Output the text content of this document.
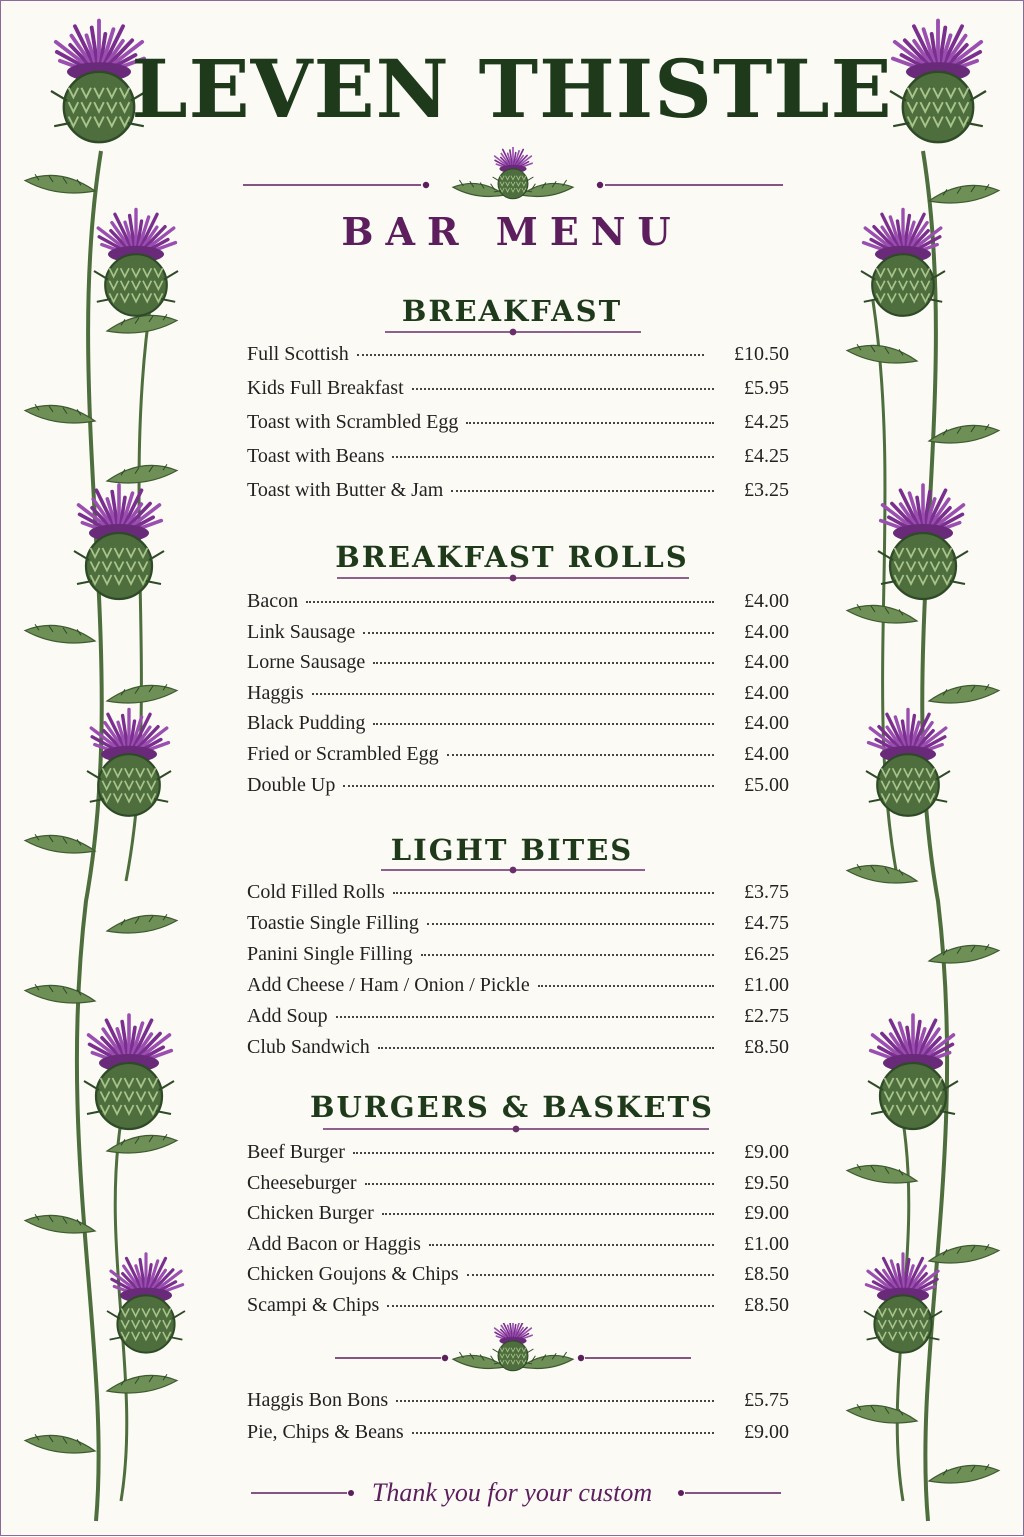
LEVEN THISTLE
BAR MENU
BREAKFAST
Full Scottish	£10.50
Kids Full Breakfast	£5.95
Toast with Scrambled Egg	£4.25
Toast with Beans	£4.25
Toast with Butter & Jam	£3.25
BREAKFAST ROLLS
Bacon	£4.00
Link Sausage	£4.00
Lorne Sausage	£4.00
Haggis	£4.00
Black Pudding	£4.00
Fried or Scrambled Egg	£4.00
Double Up	£5.00
LIGHT BITES
Cold Filled Rolls	£3.75
Toastie Single Filling	£4.75
Panini Single Filling	£6.25
Add Cheese / Ham / Onion / Pickle	£1.00
Add Soup	£2.75
Club Sandwich	£8.50
BURGERS & BASKETS
Beef Burger	£9.00
Cheeseburger	£9.50
Chicken Burger	£9.00
Add Bacon or Haggis	£1.00
Chicken Goujons & Chips	£8.50
Scampi & Chips	£8.50
Haggis Bon Bons	£5.75
Pie, Chips & Beans	£9.00

Thank you for your custom
